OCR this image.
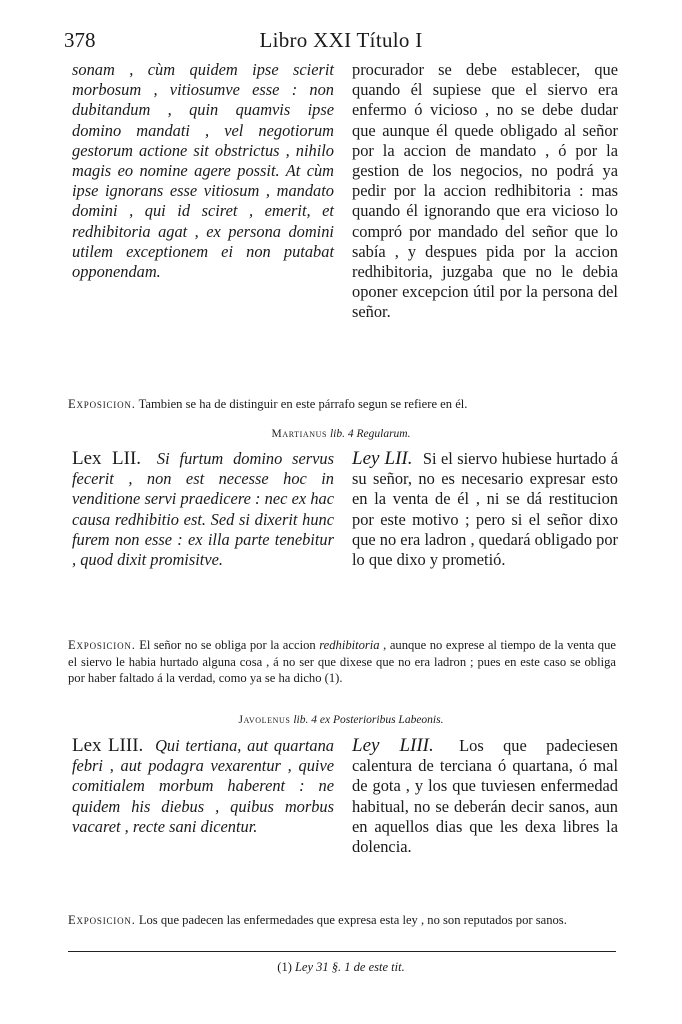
378	Libro XXI Título I
sonam , cùm quidem ipse scierit morbosum , vitiosumve esse : non dubitandum , quin quamvis ipse domino mandati , vel negotiorum gestorum actione sit obstrictus , nihilo magis eo nomine agere possit. At cùm ipse ignorans esse vitiosum , mandato domini , qui id sciret , emerit, et redhibitoria agat , ex persona domini utilem exceptionem ei non putabat opponendam.
procurador se debe establecer, que quando él supiese que el siervo era enfermo ó vicioso , no se debe dudar que aunque él quede obligado al señor por la accion de mandato , ó por la gestion de los negocios, no podrá ya pedir por la accion redhibitoria : mas quando él ignorando que era vicioso lo compró por mandado del señor que lo sabía , y despues pida por la accion redhibitoria, juzgaba que no le debia oponer excepcion útil por la persona del señor.
Exposicion. Tambien se ha de distinguir en este párrafo segun se refiere en él.
Martianus lib. 4 Regularum.
Lex LII. Si furtum domino servus fecerit , non est necesse hoc in venditione servi praedicere : nec ex hac causa redhibitio est. Sed si dixerit hunc furem non esse : ex illa parte tenebitur , quod dixit promisitve.
Ley LII. Si el siervo hubiese hurtado á su señor, no es necesario expresar esto en la venta de él , ni se dá restitucion por este motivo ; pero si el señor dixo que no era ladron , quedará obligado por lo que dixo y prometió.
Exposicion. El señor no se obliga por la accion redhibitoria , aunque no exprese al tiempo de la venta que el siervo le habia hurtado alguna cosa , á no ser que dixese que no era ladron ; pues en este caso se obliga por haber faltado á la verdad, como ya se ha dicho (1).
Javolenus lib. 4 ex Posterioribus Labeonis.
Lex LIII. Qui tertiana, aut quartana febri , aut podagra vexarentur , quive comitialem morbum haberent : ne quidem his diebus , quibus morbus vacaret , recte sani dicentur.
Ley LIII. Los que padeciesen calentura de terciana ó quartana, ó mal de gota , y los que tuviesen enfermedad habitual, no se deberán decir sanos, aun en aquellos dias que les dexa libres la dolencia.
Exposicion. Los que padecen las enfermedades que expresa esta ley , no son reputados por sanos.
(1) Ley 31 §. 1 de este tit.
